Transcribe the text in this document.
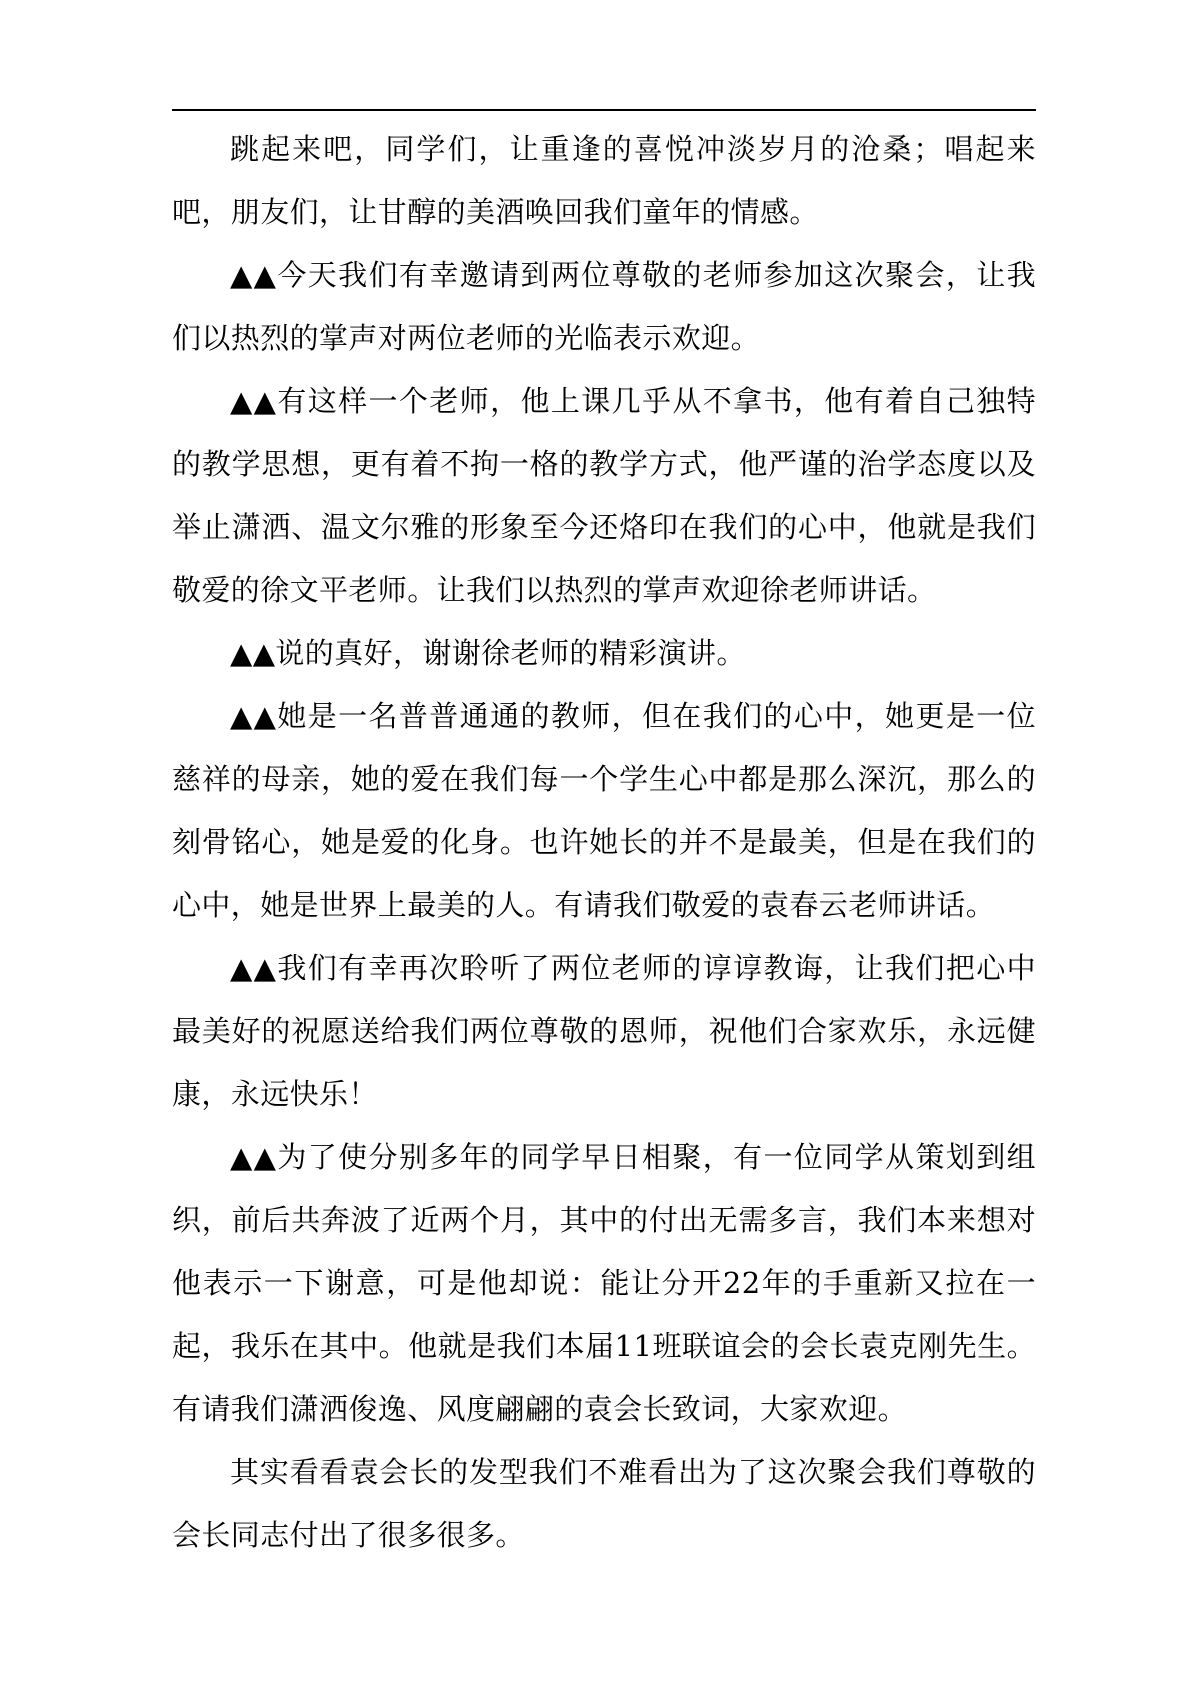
跳起来吧，同学们，让重逢的喜悦冲淡岁月的沧桑；唱起来吧，朋友们，让甘醇的美酒唤回我们童年的情感。

▲▲今天我们有幸邀请到两位尊敬的老师参加这次聚会，让我们以热烈的掌声对两位老师的光临表示欢迎。

▲▲有这样一个老师，他上课几乎从不拿书，他有着自己独特的教学思想，更有着不拘一格的教学方式，他严谨的治学态度以及举止潇洒、温文尔雅的形象至今还烙印在我们的心中，他就是我们敬爱的徐文平老师。让我们以热烈的掌声欢迎徐老师讲话。

▲▲说的真好，谢谢徐老师的精彩演讲。

▲▲她是一名普普通通的教师，但在我们的心中，她更是一位慈祥的母亲，她的爱在我们每一个学生心中都是那么深沉，那么的刻骨铭心，她是爱的化身。也许她长的并不是最美，但是在我们的心中，她是世界上最美的人。有请我们敬爱的袁春云老师讲话。

▲▲我们有幸再次聆听了两位老师的谆谆教诲，让我们把心中最美好的祝愿送给我们两位尊敬的恩师，祝他们合家欢乐，永远健康，永远快乐！

▲▲为了使分别多年的同学早日相聚，有一位同学从策划到组织，前后共奔波了近两个月，其中的付出无需多言，我们本来想对他表示一下谢意，可是他却说：能让分开22年的手重新又拉在一起，我乐在其中。他就是我们本届11班联谊会的会长袁克刚先生。有请我们潇洒俊逸、风度翩翩的袁会长致词，大家欢迎。

其实看看袁会长的发型我们不难看出为了这次聚会我们尊敬的会长同志付出了很多很多。
